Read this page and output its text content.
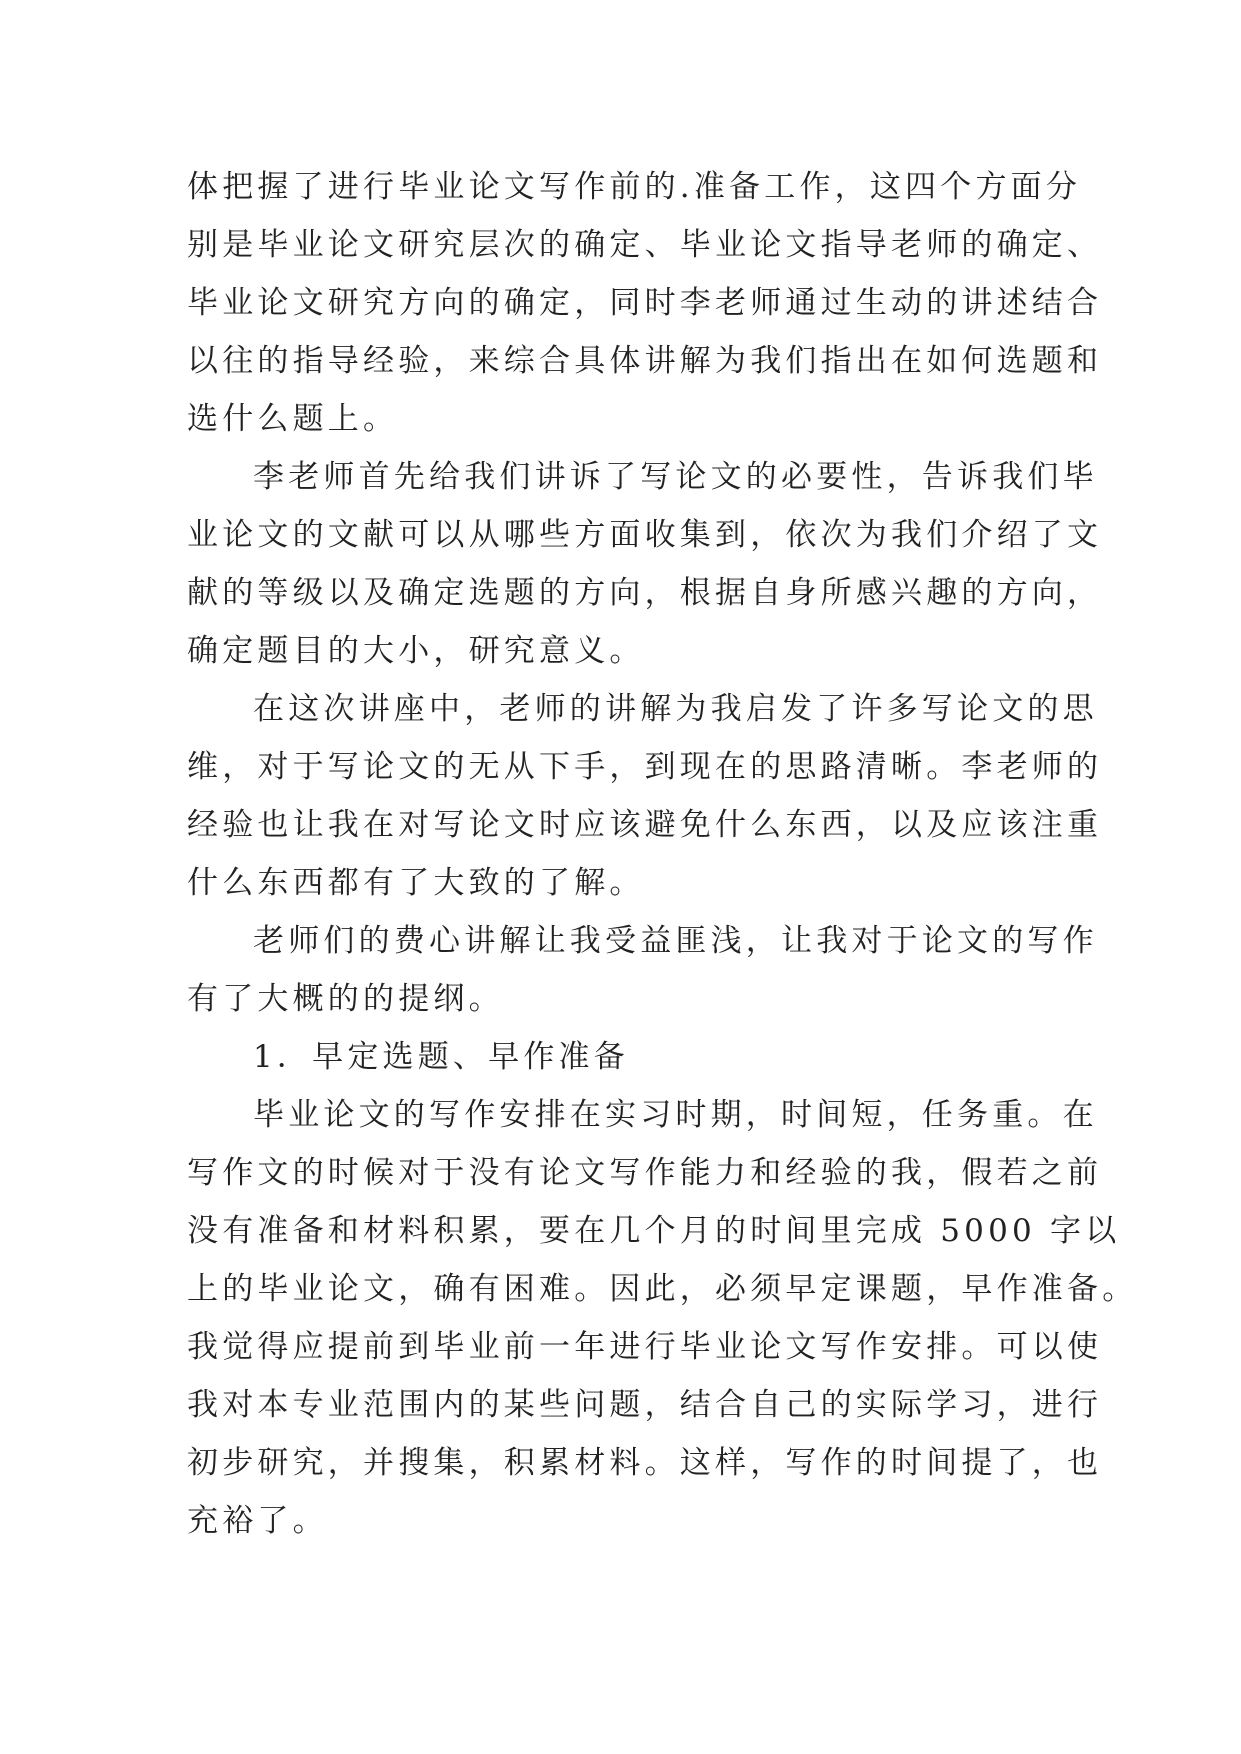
体把握了进行毕业论文写作前的.准备工作，这四个方面分
别是毕业论文研究层次的确定、毕业论文指导老师的确定、
毕业论文研究方向的确定，同时李老师通过生动的讲述结合
以往的指导经验，来综合具体讲解为我们指出在如何选题和
选什么题上。
李老师首先给我们讲诉了写论文的必要性，告诉我们毕
业论文的文献可以从哪些方面收集到，依次为我们介绍了文
献的等级以及确定选题的方向，根据自身所感兴趣的方向，
确定题目的大小，研究意义。
在这次讲座中，老师的讲解为我启发了许多写论文的思
维，对于写论文的无从下手，到现在的思路清晰。李老师的
经验也让我在对写论文时应该避免什么东西，以及应该注重
什么东西都有了大致的了解。
老师们的费心讲解让我受益匪浅，让我对于论文的写作
有了大概的的提纲。
1．早定选题、早作准备
毕业论文的写作安排在实习时期，时间短，任务重。在
写作文的时候对于没有论文写作能力和经验的我，假若之前
没有准备和材料积累，要在几个月的时间里完成 5000 字以
上的毕业论文，确有困难。因此，必须早定课题，早作准备。
我觉得应提前到毕业前一年进行毕业论文写作安排。可以使
我对本专业范围内的某些问题，结合自己的实际学习，进行
初步研究，并搜集，积累材料。这样，写作的时间提了，也
充裕了。
